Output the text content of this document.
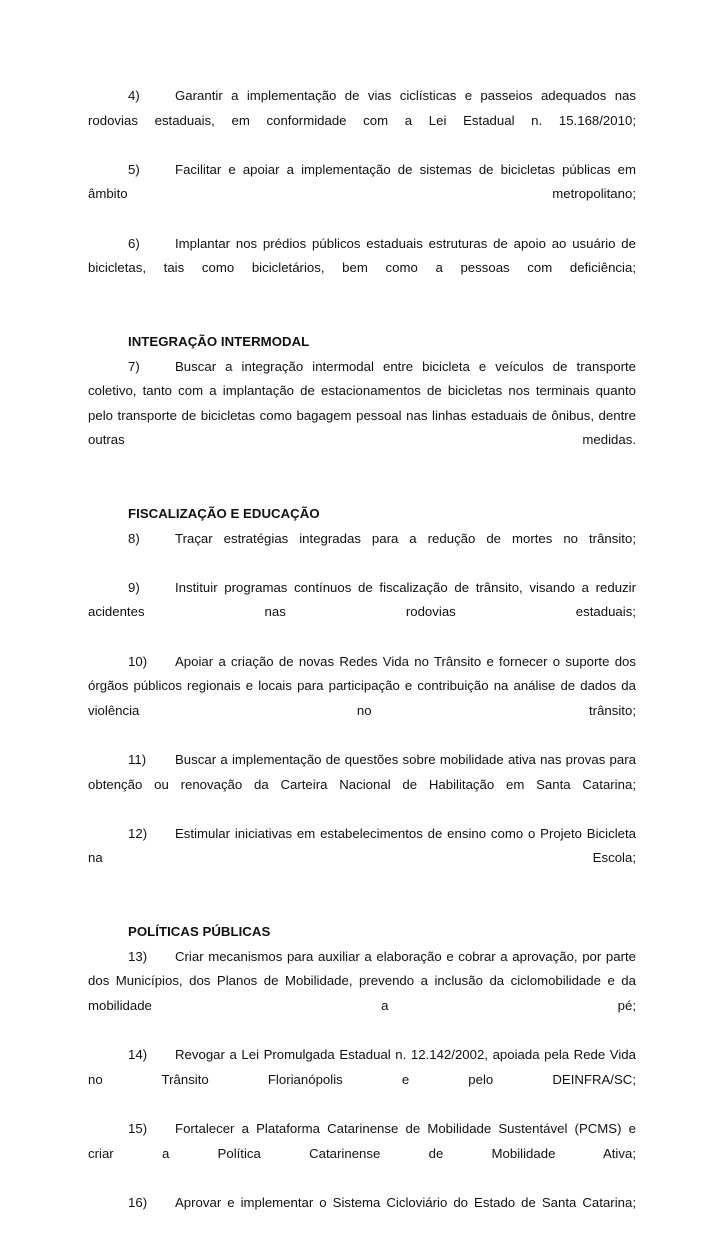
4)	Garantir a implementação de vias ciclísticas e passeios adequados nas rodovias estaduais, em conformidade com a Lei Estadual n. 15.168/2010;
5)	Facilitar e apoiar a implementação de sistemas de bicicletas públicas em âmbito metropolitano;
6)	Implantar nos prédios públicos estaduais estruturas de apoio ao usuário de bicicletas, tais como bicicletários, bem como a pessoas com deficiência;
INTEGRAÇÃO INTERMODAL
7)	Buscar a integração intermodal entre bicicleta e veículos de transporte coletivo, tanto com a implantação de estacionamentos de bicicletas nos terminais quanto pelo transporte de bicicletas como bagagem pessoal nas linhas estaduais de ônibus, dentre outras medidas.
FISCALIZAÇÃO E EDUCAÇÃO
8)	Traçar estratégias integradas para a redução de mortes no trânsito;
9)	Instituir programas contínuos de fiscalização de trânsito, visando a reduzir acidentes nas rodovias estaduais;
10) Apoiar a criação de novas Redes Vida no Trânsito e fornecer o suporte dos órgãos públicos regionais e locais para participação e contribuição na análise de dados da violência no trânsito;
11) Buscar a implementação de questões sobre mobilidade ativa nas provas para obtenção ou renovação da Carteira Nacional de Habilitação em Santa Catarina;
12) Estimular iniciativas em estabelecimentos de ensino como o Projeto Bicicleta na Escola;
POLÍTICAS PÚBLICAS
13) Criar mecanismos para auxiliar a elaboração e cobrar a aprovação, por parte dos Municípios, dos Planos de Mobilidade, prevendo a inclusão da ciclomobilidade e da mobilidade a pé;
14) Revogar a Lei Promulgada Estadual n. 12.142/2002, apoiada pela Rede Vida no Trânsito Florianópolis e pelo DEINFRA/SC;
15) Fortalecer a Plataforma Catarinense de Mobilidade Sustentável (PCMS) e criar a Política Catarinense de Mobilidade Ativa;
16) Aprovar e implementar o Sistema Cicloviário do Estado de Santa Catarina;
